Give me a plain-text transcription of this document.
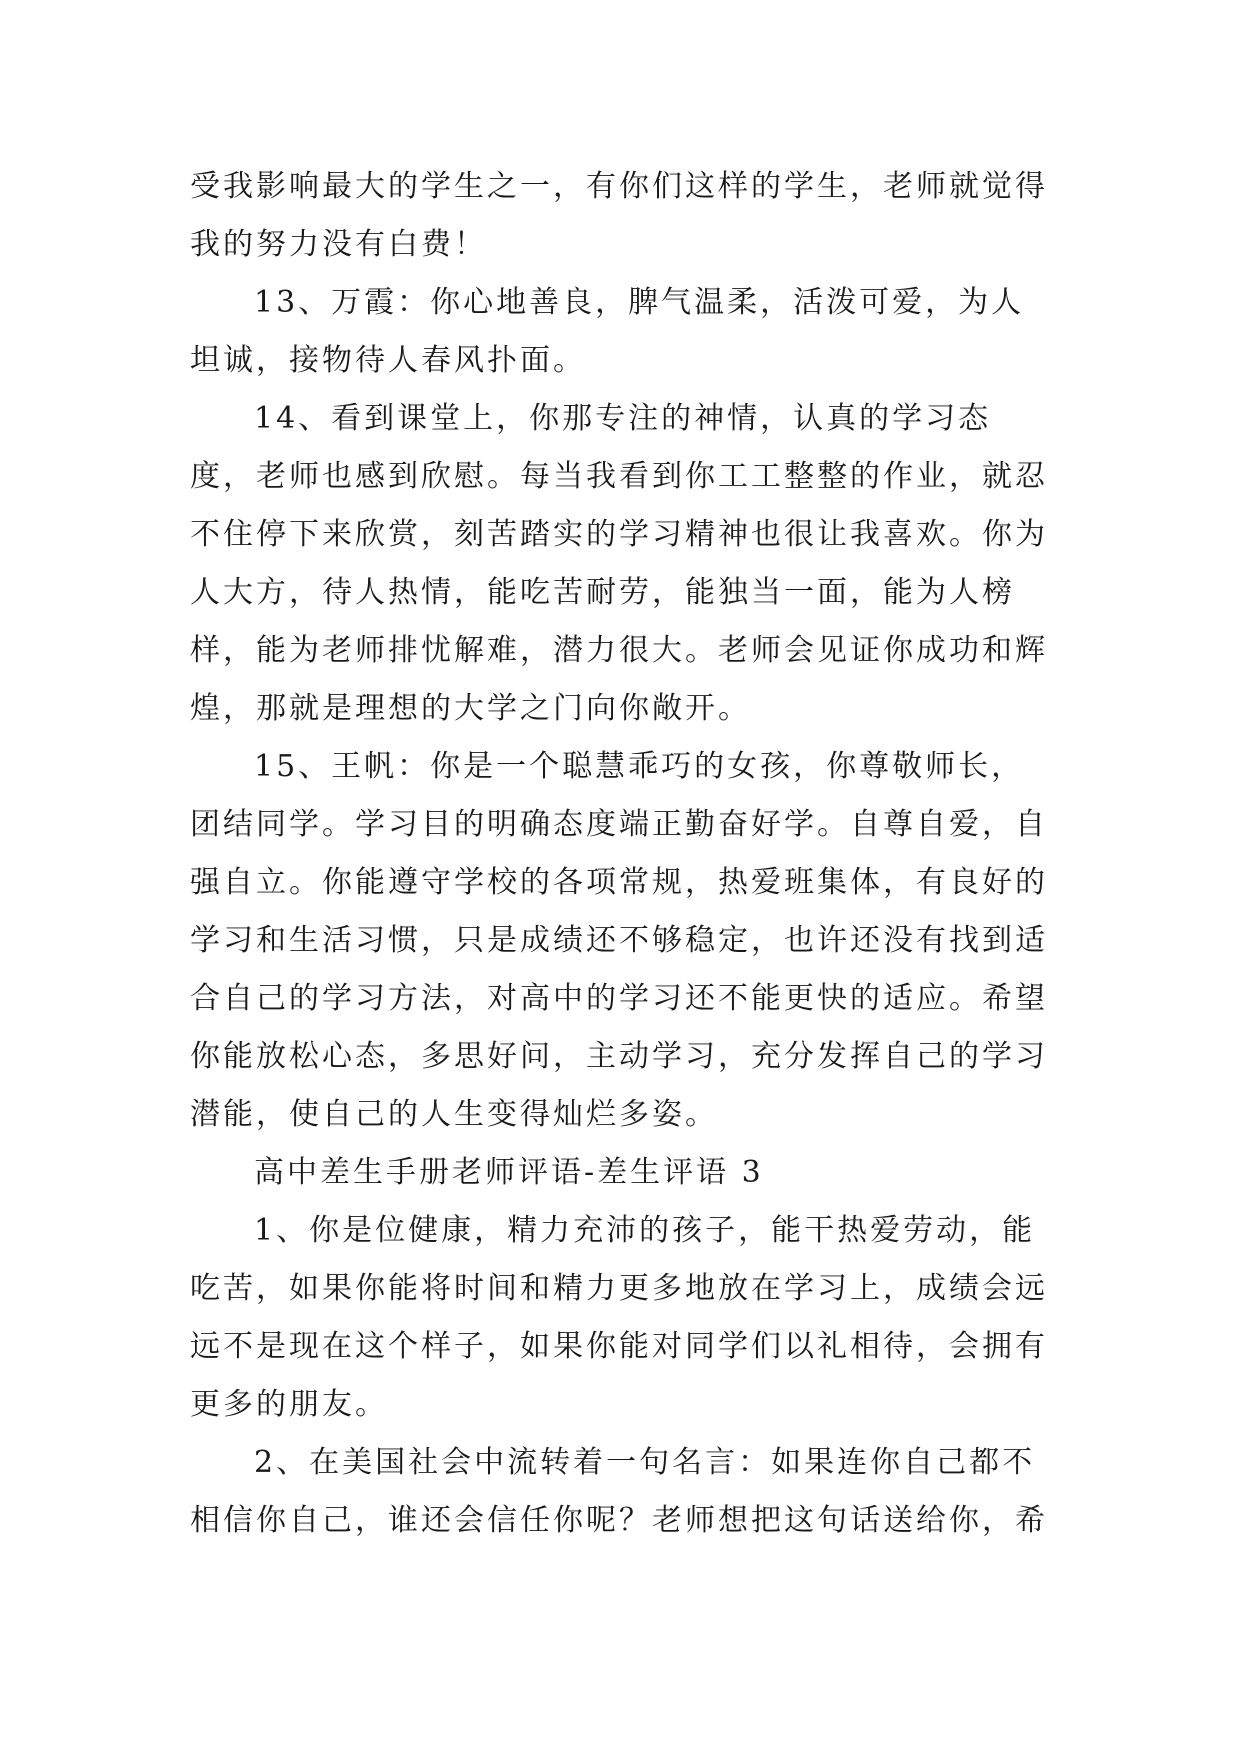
受我影响最大的学生之一，有你们这样的学生，老师就觉得我的努力没有白费！

13、万霞：你心地善良，脾气温柔，活泼可爱，为人坦诚，接物待人春风扑面。

14、看到课堂上，你那专注的神情，认真的学习态度，老师也感到欣慰。每当我看到你工工整整的作业，就忍不住停下来欣赏，刻苦踏实的学习精神也很让我喜欢。你为人大方，待人热情，能吃苦耐劳，能独当一面，能为人榜样，能为老师排忧解难，潜力很大。老师会见证你成功和辉煌，那就是理想的大学之门向你敞开。

15、王帆：你是一个聪慧乖巧的女孩，你尊敬师长，团结同学。学习目的明确态度端正勤奋好学。自尊自爱，自强自立。你能遵守学校的各项常规，热爱班集体，有良好的学习和生活习惯，只是成绩还不够稳定，也许还没有找到适合自己的学习方法，对高中的学习还不能更快的适应。希望你能放松心态，多思好问，主动学习，充分发挥自己的学习潜能，使自己的人生变得灿烂多姿。

高中差生手册老师评语-差生评语 3

1、你是位健康，精力充沛的孩子，能干热爱劳动，能吃苦，如果你能将时间和精力更多地放在学习上，成绩会远远不是现在这个样子，如果你能对同学们以礼相待，会拥有更多的朋友。

2、在美国社会中流转着一句名言：如果连你自己都不相信你自己，谁还会信任你呢？老师想把这句话送给你，希
